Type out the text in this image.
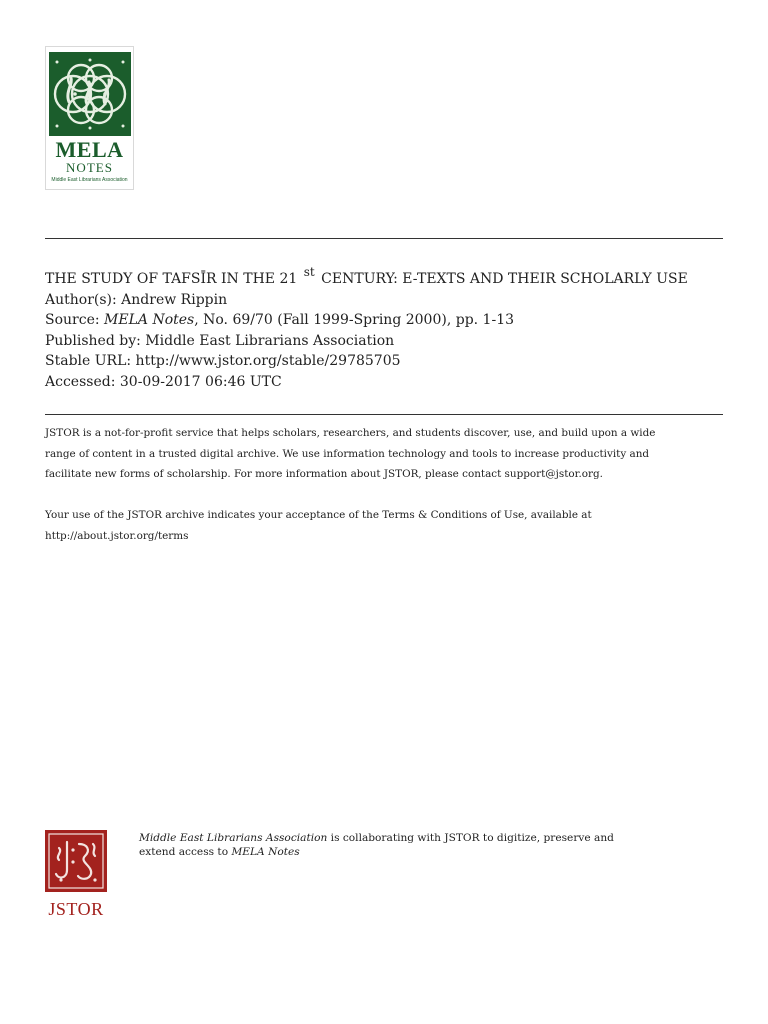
MELA
NOTES
Middle East Librarians Association
THE STUDY OF TAFSĪR IN THE 21 $^{st}$ CENTURY: E-TEXTS AND THEIR SCHOLARLY USE
Author(s): Andrew Rippin
Source: MELA Notes, No. 69/70 (Fall 1999-Spring 2000), pp. 1-13
Published by: Middle East Librarians Association
Stable URL: http://www.jstor.org/stable/29785705
Accessed: 30-09-2017 06:46 UTC

JSTOR is a not-for-profit service that helps scholars, researchers, and students discover, use, and build upon a wide

range of content in a trusted digital archive. We use information technology and tools to increase productivity and

facilitate new forms of scholarship. For more information about JSTOR, please contact support@jstor.org.

Your use of the JSTOR archive indicates your acceptance of the Terms & Conditions of Use, available at

http://about.jstor.org/terms

JSTOR
Middle East Librarians Association is collaborating with JSTOR to digitize, preserve and
extend access to MELA Notes
